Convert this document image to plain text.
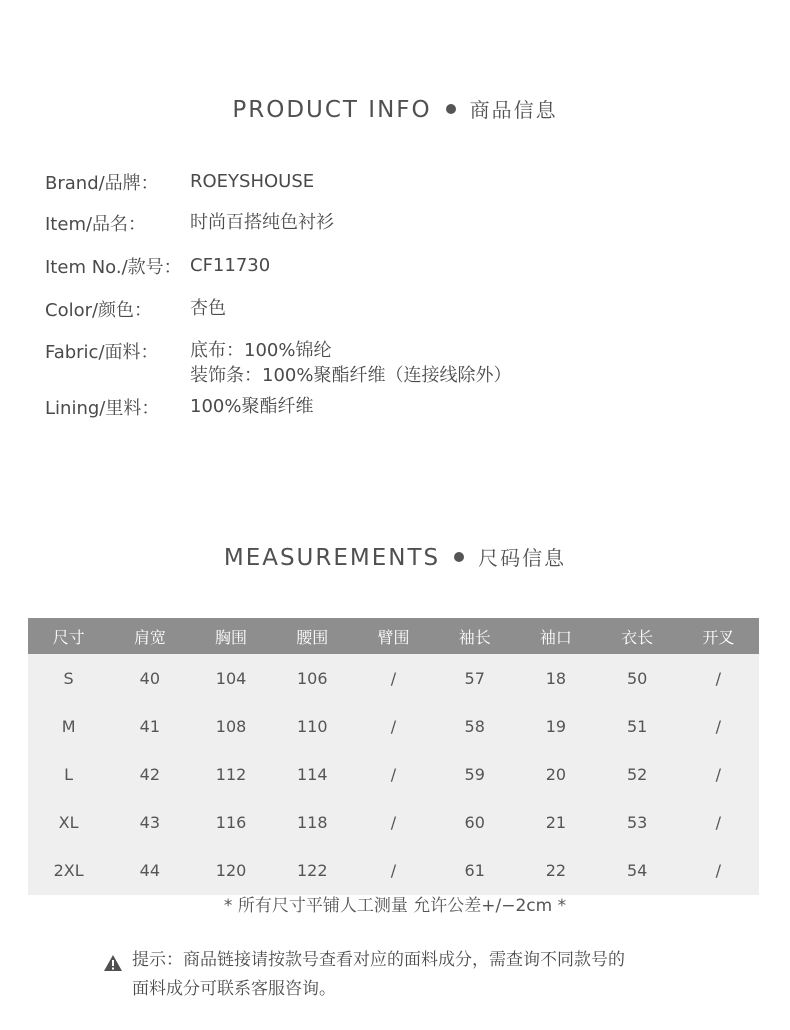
PRODUCT INFO 商品信息
Brand/品牌： ROEYSHOUSE
Item/品名： 时尚百搭纯色衬衫
Item No./款号： CF11730
Color/颜色： 杏色
Fabric/面料： 底布：100%锦纶
装饰条：100%聚酯纤维（连接线除外）
Lining/里料： 100%聚酯纤维
MEASUREMENTS 尺码信息
尺寸	肩宽	胸围	腰围	臂围	袖长	袖口	衣长	开叉
S	40	104	106	/	57	18	50	/
M	41	108	110	/	58	19	51	/
L	42	112	114	/	59	20	52	/
XL	43	116	118	/	60	21	53	/
2XL	44	120	122	/	61	22	54	/
* 所有尺寸平铺人工测量 允许公差+/−2cm *
提示：商品链接请按款号查看对应的面料成分，需查询不同款号的
面料成分可联系客服咨询。
